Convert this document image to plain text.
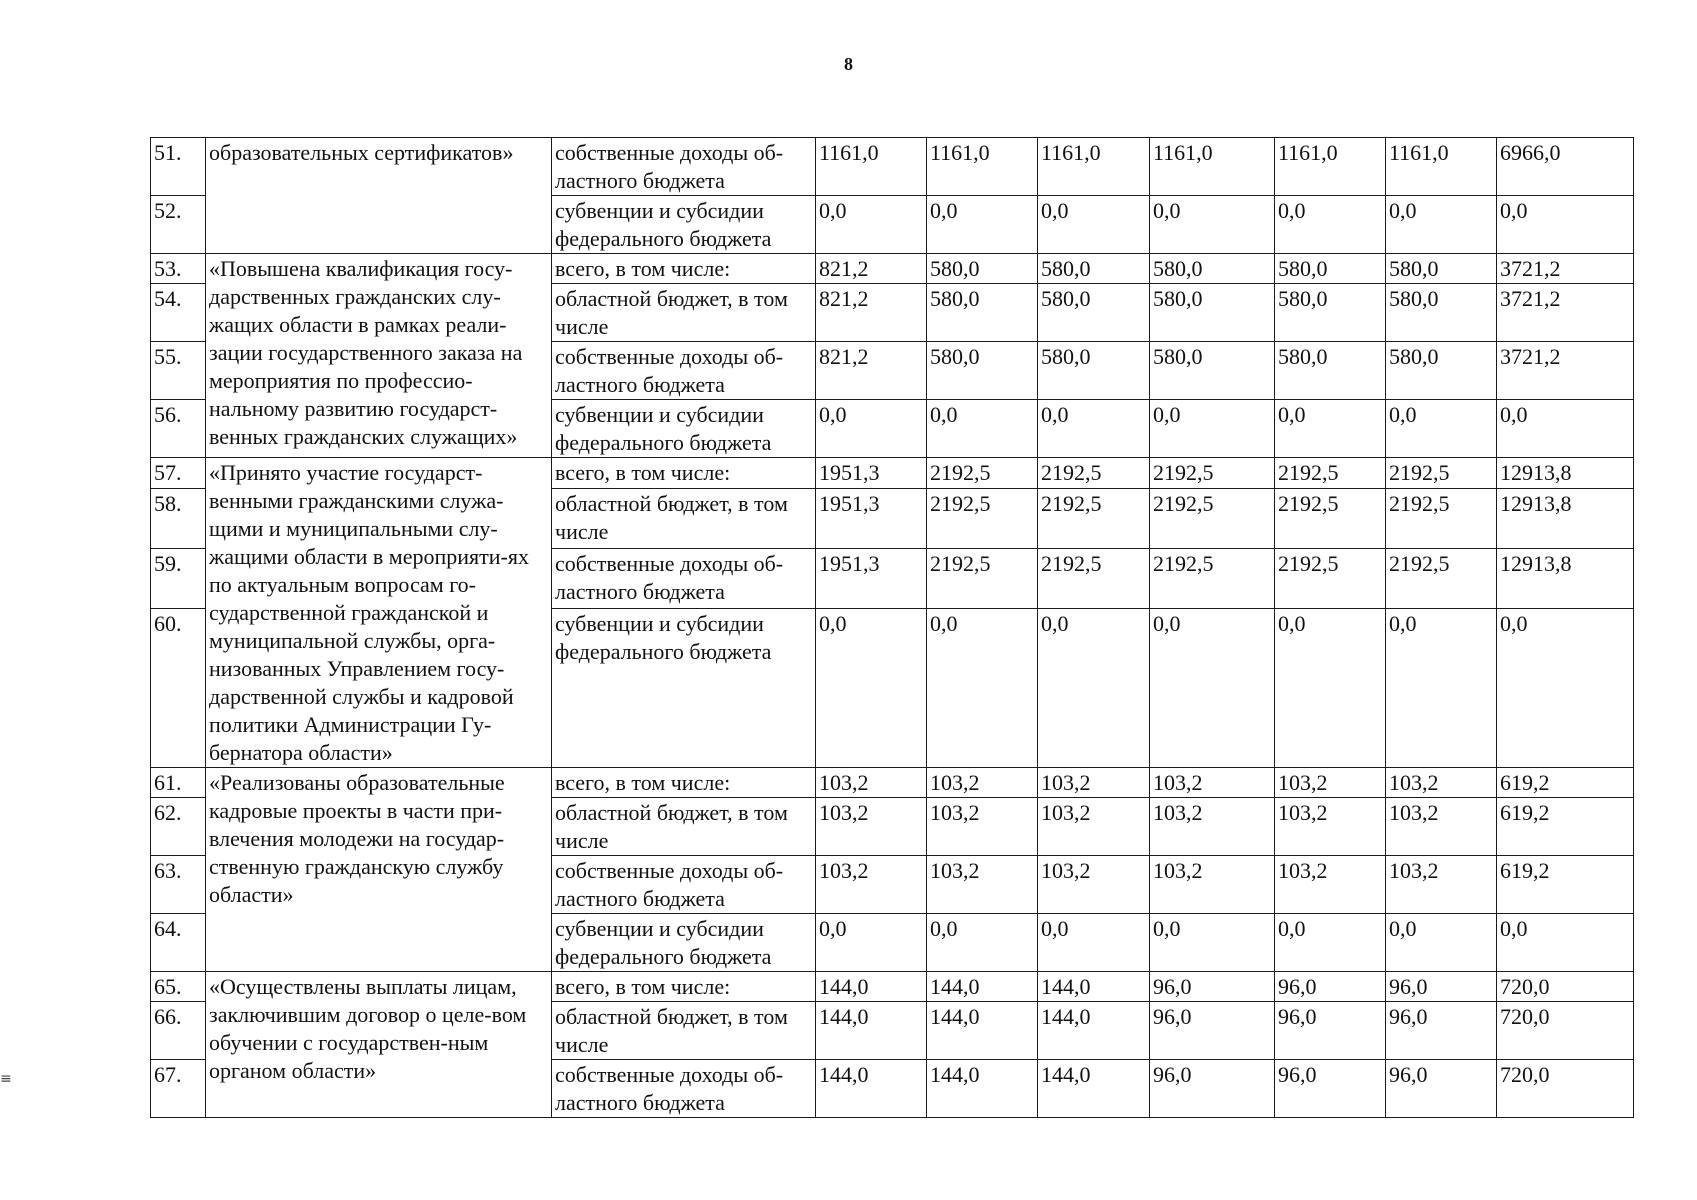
8
51.	образовательных сертификатов»	собственные доходы об-ластного бюджета	1161,0	1161,0	1161,0	1161,0	1161,0	1161,0	6966,0
52.		субвенции и субсидии федерального бюджета	0,0	0,0	0,0	0,0	0,0	0,0	0,0
53.	«Повышена квалификация госу-дарственных гражданских слу-жащих области в рамках реали-зации государственного заказа на мероприятия по профессио-нальному развитию государст-венных гражданских служащих»	всего, в том числе:	821,2	580,0	580,0	580,0	580,0	580,0	3721,2
54.		областной бюджет, в том числе	821,2	580,0	580,0	580,0	580,0	580,0	3721,2
55.		собственные доходы об-ластного бюджета	821,2	580,0	580,0	580,0	580,0	580,0	3721,2
56.		субвенции и субсидии федерального бюджета	0,0	0,0	0,0	0,0	0,0	0,0	0,0
57.	«Принято участие государст-венными гражданскими служа-щими и муниципальными слу-жащими области в мероприяти-ях по актуальным вопросам го-сударственной гражданской и муниципальной службы, орга-низованных Управлением госу-дарственной службы и кадровой политики Администрации Гу-бернатора области»	всего, в том числе:	1951,3	2192,5	2192,5	2192,5	2192,5	2192,5	12913,8
58.		областной бюджет, в том числе	1951,3	2192,5	2192,5	2192,5	2192,5	2192,5	12913,8
59.		собственные доходы об-ластного бюджета	1951,3	2192,5	2192,5	2192,5	2192,5	2192,5	12913,8
60.		субвенции и субсидии федерального бюджета	0,0	0,0	0,0	0,0	0,0	0,0	0,0
61.	«Реализованы образовательные кадровые проекты в части при-влечения молодежи на государ-ственную гражданскую службу области»	всего, в том числе:	103,2	103,2	103,2	103,2	103,2	103,2	619,2
62.		областной бюджет, в том числе	103,2	103,2	103,2	103,2	103,2	103,2	619,2
63.		собственные доходы об-ластного бюджета	103,2	103,2	103,2	103,2	103,2	103,2	619,2
64.		субвенции и субсидии федерального бюджета	0,0	0,0	0,0	0,0	0,0	0,0	0,0
65.	«Осуществлены выплаты лицам, заключившим договор о целе-вом обучении с государствен-ным органом области»	всего, в том числе:	144,0	144,0	144,0	96,0	96,0	96,0	720,0
66.		областной бюджет, в том числе	144,0	144,0	144,0	96,0	96,0	96,0	720,0
67.		собственные доходы об-ластного бюджета	144,0	144,0	144,0	96,0	96,0	96,0	720,0
≡
